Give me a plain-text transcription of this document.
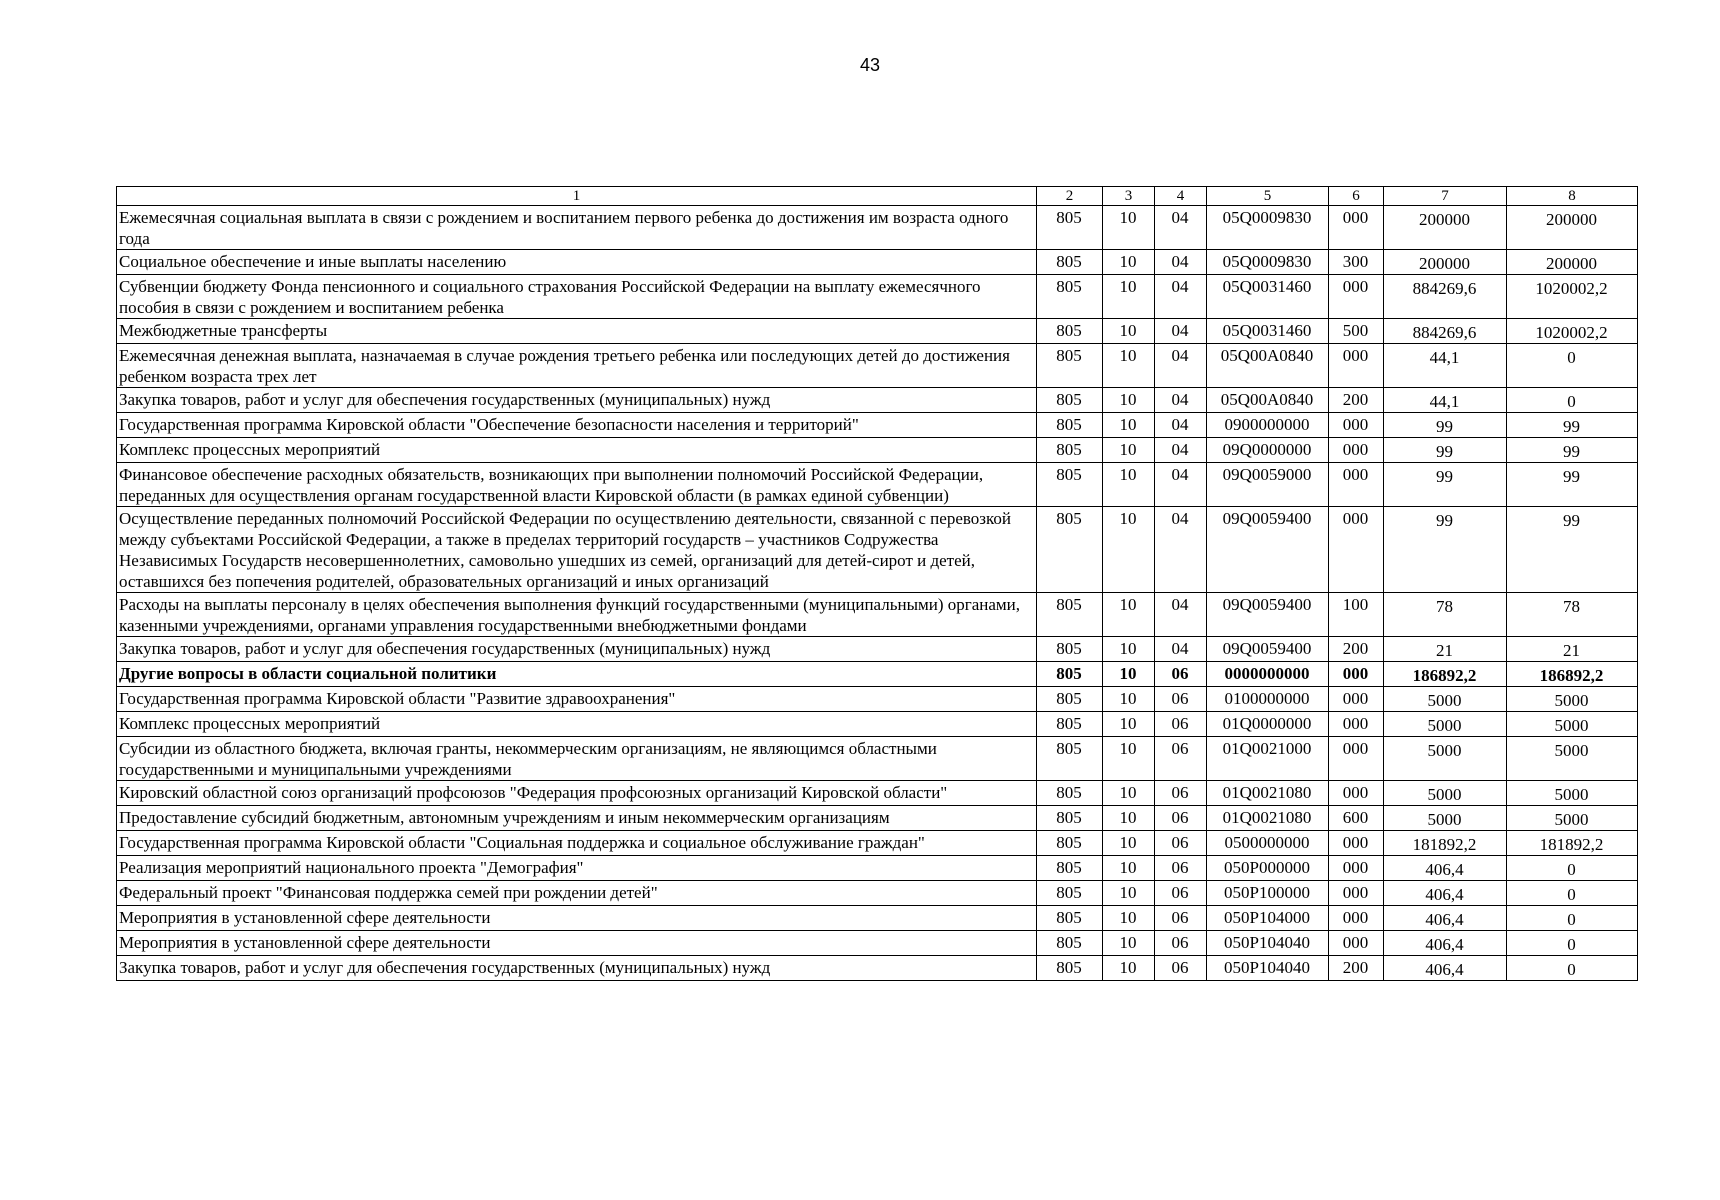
43
1	2	3	4	5	6	7	8
Ежемесячная социальная выплата в связи с рождением и воспитанием первого ребенка до достижения им возраста одного года	805	10	04	05Q0009830	000	200000	200000
Социальное обеспечение и иные выплаты населению	805	10	04	05Q0009830	300	200000	200000
Субвенции бюджету Фонда пенсионного и социального страхования Российской Федерации на выплату ежемесячного пособия в связи с рождением и воспитанием ребенка	805	10	04	05Q0031460	000	884269,6	1020002,2
Межбюджетные трансферты	805	10	04	05Q0031460	500	884269,6	1020002,2
Ежемесячная денежная выплата, назначаемая в случае рождения третьего ребенка или последующих детей до достижения ребенком возраста трех лет	805	10	04	05Q00A0840	000	44,1	0
Закупка товаров, работ и услуг для обеспечения государственных (муниципальных) нужд	805	10	04	05Q00A0840	200	44,1	0
Государственная программа Кировской области "Обеспечение безопасности населения и территорий"	805	10	04	0900000000	000	99	99
Комплекс процессных мероприятий	805	10	04	09Q0000000	000	99	99
Финансовое обеспечение расходных обязательств, возникающих при выполнении полномочий Российской Федерации, переданных для осуществления органам государственной власти Кировской области (в рамках единой субвенции)	805	10	04	09Q0059000	000	99	99
Осуществление переданных полномочий Российской Федерации по осуществлению деятельности, связанной с перевозкой между субъектами Российской Федерации, а также в пределах территорий государств – участников Содружества Независимых Государств несовершеннолетних, самовольно ушедших из семей, организаций для детей-сирот и детей, оставшихся без попечения родителей, образовательных организаций и иных организаций	805	10	04	09Q0059400	000	99	99
Расходы на выплаты персоналу в целях обеспечения выполнения функций государственными (муниципальными) органами, казенными учреждениями, органами управления государственными внебюджетными фондами	805	10	04	09Q0059400	100	78	78
Закупка товаров, работ и услуг для обеспечения государственных (муниципальных) нужд	805	10	04	09Q0059400	200	21	21
Другие вопросы в области социальной политики	805	10	06	0000000000	000	186892,2	186892,2
Государственная программа Кировской области "Развитие здравоохранения"	805	10	06	0100000000	000	5000	5000
Комплекс процессных мероприятий	805	10	06	01Q0000000	000	5000	5000
Субсидии из областного бюджета, включая гранты, некоммерческим организациям, не являющимся областными государственными и муниципальными учреждениями	805	10	06	01Q0021000	000	5000	5000
Кировский областной союз организаций профсоюзов "Федерация профсоюзных организаций Кировской области"	805	10	06	01Q0021080	000	5000	5000
Предоставление субсидий бюджетным, автономным учреждениям и иным некоммерческим организациям	805	10	06	01Q0021080	600	5000	5000
Государственная программа Кировской области "Социальная поддержка и социальное обслуживание граждан"	805	10	06	0500000000	000	181892,2	181892,2
Реализация мероприятий национального проекта "Демография"	805	10	06	050P000000	000	406,4	0
Федеральный проект "Финансовая поддержка семей при рождении детей"	805	10	06	050P100000	000	406,4	0
Мероприятия в установленной сфере деятельности	805	10	06	050P104000	000	406,4	0
Мероприятия в установленной сфере деятельности	805	10	06	050P104040	000	406,4	0
Закупка товаров, работ и услуг для обеспечения государственных (муниципальных) нужд	805	10	06	050P104040	200	406,4	0
